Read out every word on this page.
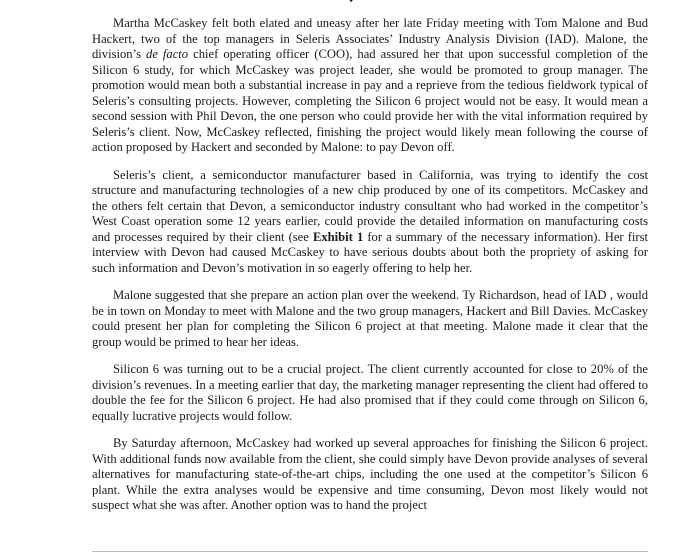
Martha McCaskey felt both elated and uneasy after her late Friday meeting with Tom Malone and Bud Hackert, two of the top managers in Seleris Associates’ Industry Analysis Division (IAD). Malone, the division’s de facto chief operating officer (COO), had assured her that upon successful completion of the Silicon 6 study, for which McCaskey was project leader, she would be promoted to group manager. The promotion would mean both a substantial increase in pay and a reprieve from the tedious fieldwork typical of Seleris’s consulting projects. However, completing the Silicon 6 project would not be easy. It would mean a second session with Phil Devon, the one person who could provide her with the vital information required by Seleris’s client. Now, McCaskey reflected, finishing the project would likely mean following the course of action proposed by Hackert and seconded by Malone: to pay Devon off.

Seleris’s client, a semiconductor manufacturer based in California, was trying to identify the cost structure and manufacturing technologies of a new chip produced by one of its competitors. McCaskey and the others felt certain that Devon, a semiconductor industry consultant who had worked in the competitor’s West Coast operation some 12 years earlier, could provide the detailed information on manufacturing costs and processes required by their client (see Exhibit 1 for a summary of the necessary information). Her first interview with Devon had caused McCaskey to have serious doubts about both the propriety of asking for such information and Devon’s motivation in so eagerly offering to help her.

Malone suggested that she prepare an action plan over the weekend. Ty Richardson, head of IAD , would be in town on Monday to meet with Malone and the two group managers, Hackert and Bill Davies. McCaskey could present her plan for completing the Silicon 6 project at that meeting. Malone made it clear that the group would be primed to hear her ideas.

Silicon 6 was turning out to be a crucial project. The client currently accounted for close to 20% of the division’s revenues. In a meeting earlier that day, the marketing manager representing the client had offered to double the fee for the Silicon 6 project. He had also promised that if they could come through on Silicon 6, equally lucrative projects would follow.

By Saturday afternoon, McCaskey had worked up several approaches for finishing the Silicon 6 project. With additional funds now available from the client, she could simply have Devon provide analyses of several alternatives for manufacturing state-of-the-art chips, including the one used at the competitor’s Silicon 6 plant. While the extra analyses would be expensive and time consuming, Devon most likely would not suspect what she was after. Another option was to hand the project
